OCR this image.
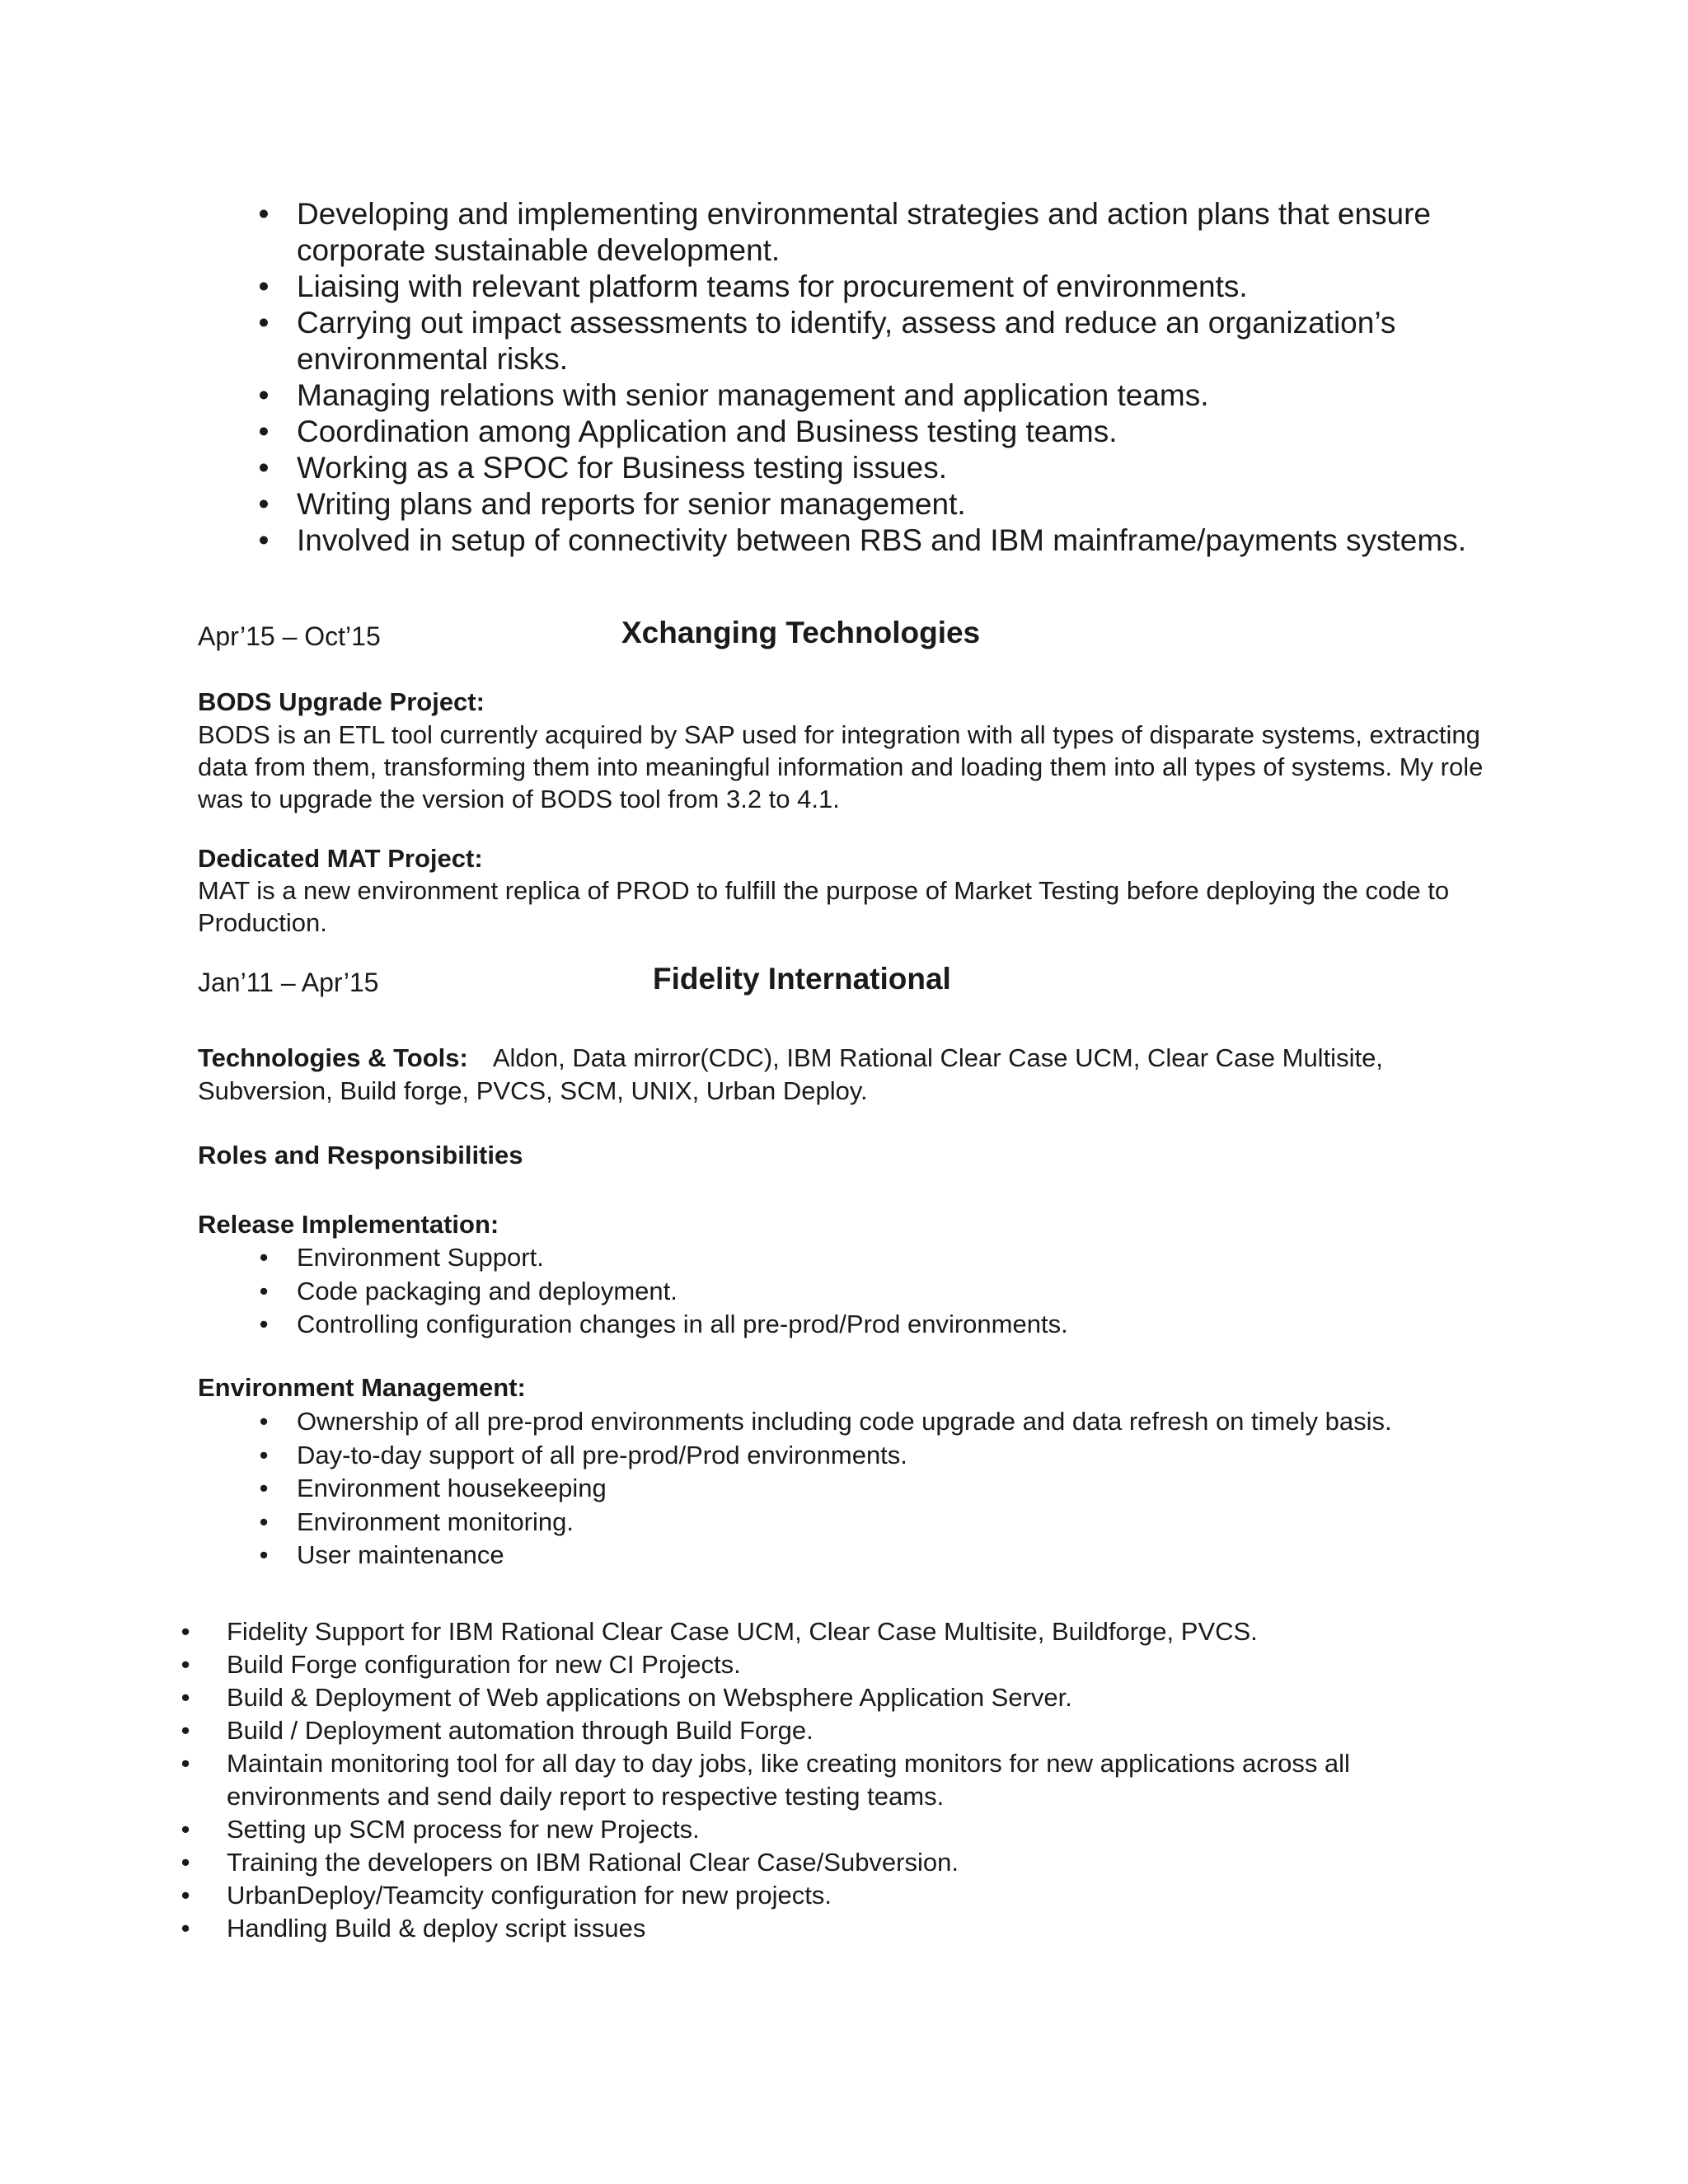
• Developing and implementing environmental strategies and action plans that ensure corporate sustainable development.
• Liaising with relevant platform teams for procurement of environments.
• Carrying out impact assessments to identify, assess and reduce an organization’s environmental risks.
• Managing relations with senior management and application teams.
• Coordination among Application and Business testing teams.
• Working as a SPOC for Business testing issues.
• Writing plans and reports for senior management.
• Involved in setup of connectivity between RBS and IBM mainframe/payments systems.
Apr’15 – Oct’15	Xchanging Technologies
BODS Upgrade Project:

BODS is an ETL tool currently acquired by SAP used for integration with all types of disparate systems, extracting data from them, transforming them into meaningful information and loading them into all types of systems. My role was to upgrade the version of BODS tool from 3.2 to 4.1.

Dedicated MAT Project:

MAT is a new environment replica of PROD to fulfill the purpose of Market Testing before deploying the code to Production.

Jan’11 – Apr’15	Fidelity International

Technologies & Tools: Aldon, Data mirror(CDC), IBM Rational Clear Case UCM, Clear Case Multisite, Subversion, Build forge, PVCS, SCM, UNIX, Urban Deploy.

Roles and Responsibilities
Release Implementation:
•	Environment Support.
•	Code packaging and deployment.
•	Controlling configuration changes in all pre-prod/Prod environments.
Environment Management:
•	Ownership of all pre-prod environments including code upgrade and data refresh on timely basis.
•	Day-to-day support of all pre-prod/Prod environments.
•	Environment housekeeping
•	Environment monitoring.
•	User maintenance
• Fidelity Support for IBM Rational Clear Case UCM, Clear Case Multisite, Buildforge, PVCS.
• Build Forge configuration for new CI Projects.
• Build & Deployment of Web applications on Websphere Application Server.
• Build / Deployment automation through Build Forge.
• Maintain monitoring tool for all day to day jobs, like creating monitors for new applications across all environments and send daily report to respective testing teams.
• Setting up SCM process for new Projects.
• Training the developers on IBM Rational Clear Case/Subversion.
• UrbanDeploy/Teamcity configuration for new projects.
• Handling Build & deploy script issues
